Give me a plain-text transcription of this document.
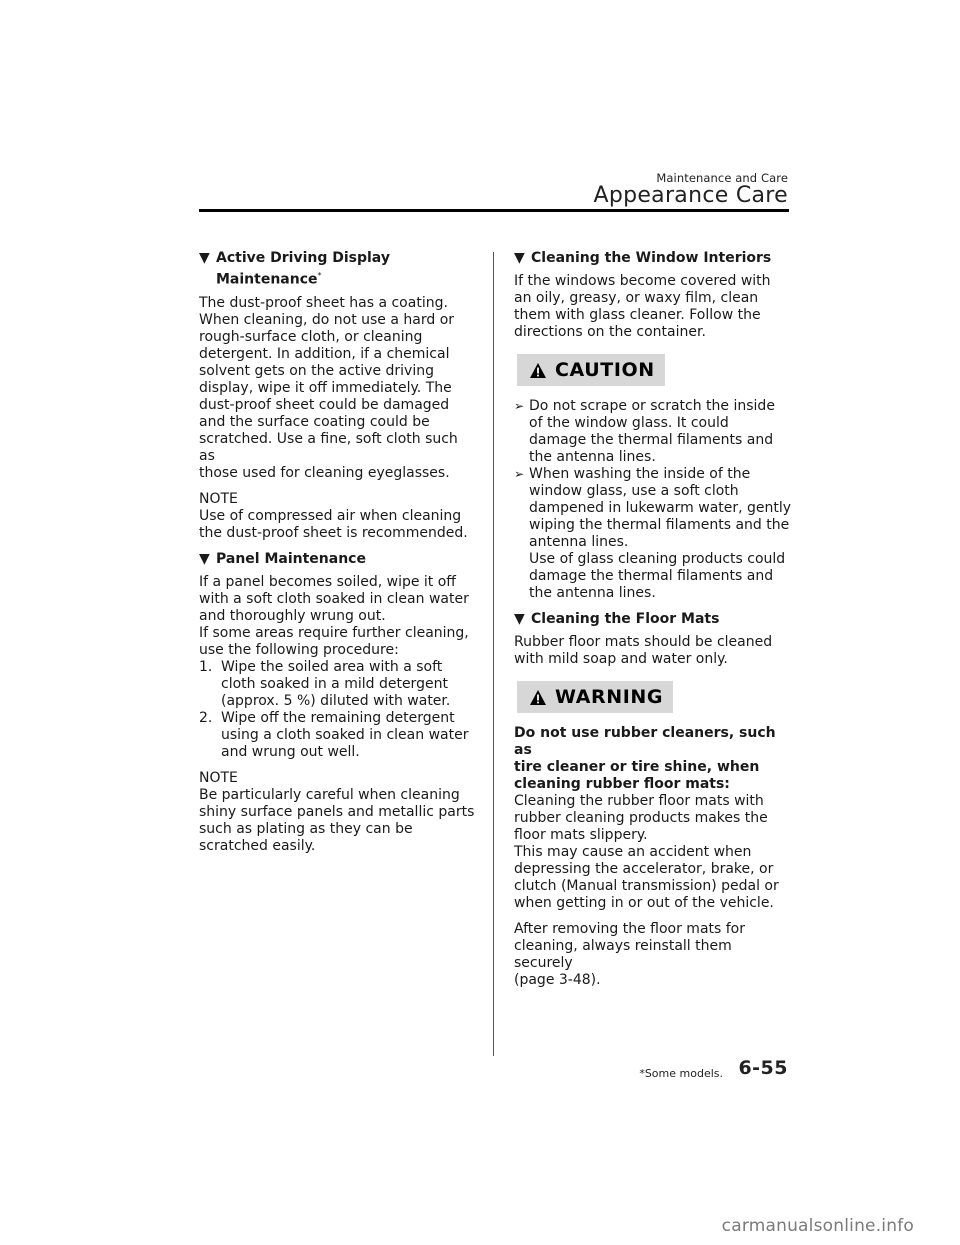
Maintenance and Care
Appearance Care
▼ Active Driving Display Maintenance*

The dust-proof sheet has a coating.
When cleaning, do not use a hard or
rough-surface cloth, or cleaning
detergent. In addition, if a chemical
solvent gets on the active driving
display, wipe it off immediately. The
dust-proof sheet could be damaged
and the surface coating could be
scratched. Use a fine, soft cloth such as
those used for cleaning eyeglasses.

NOTE

Use of compressed air when cleaning
the dust-proof sheet is recommended.

▼ Panel Maintenance

If a panel becomes soiled, wipe it off
with a soft cloth soaked in clean water
and thoroughly wrung out.
If some areas require further cleaning,
use the following procedure:

1. Wipe the soiled area with a soft
cloth soaked in a mild detergent
(approx. 5 %) diluted with water.
2. Wipe off the remaining detergent
using a cloth soaked in clean water
and wrung out well.

NOTE

Be particularly careful when cleaning
shiny surface panels and metallic parts
such as plating as they can be
scratched easily.

▼ Cleaning the Window Interiors

If the windows become covered with
an oily, greasy, or waxy film, clean
them with glass cleaner. Follow the
directions on the container.

CAUTION
➢ Do not scrape or scratch the inside
of the window glass. It could
damage the thermal filaments and
the antenna lines.
➢ When washing the inside of the
window glass, use a soft cloth
dampened in lukewarm water, gently
wiping the thermal filaments and the
antenna lines.
Use of glass cleaning products could
damage the thermal filaments and
the antenna lines.
▼ Cleaning the Floor Mats

Rubber floor mats should be cleaned
with mild soap and water only.

WARNING

Do not use rubber cleaners, such as
tire cleaner or tire shine, when
cleaning rubber floor mats:

Cleaning the rubber floor mats with
rubber cleaning products makes the
floor mats slippery.
This may cause an accident when
depressing the accelerator, brake, or
clutch (Manual transmission) pedal or
when getting in or out of the vehicle.

After removing the floor mats for
cleaning, always reinstall them securely
(page 3-48).

*Some models. 6-55
carmanualsonline.info
